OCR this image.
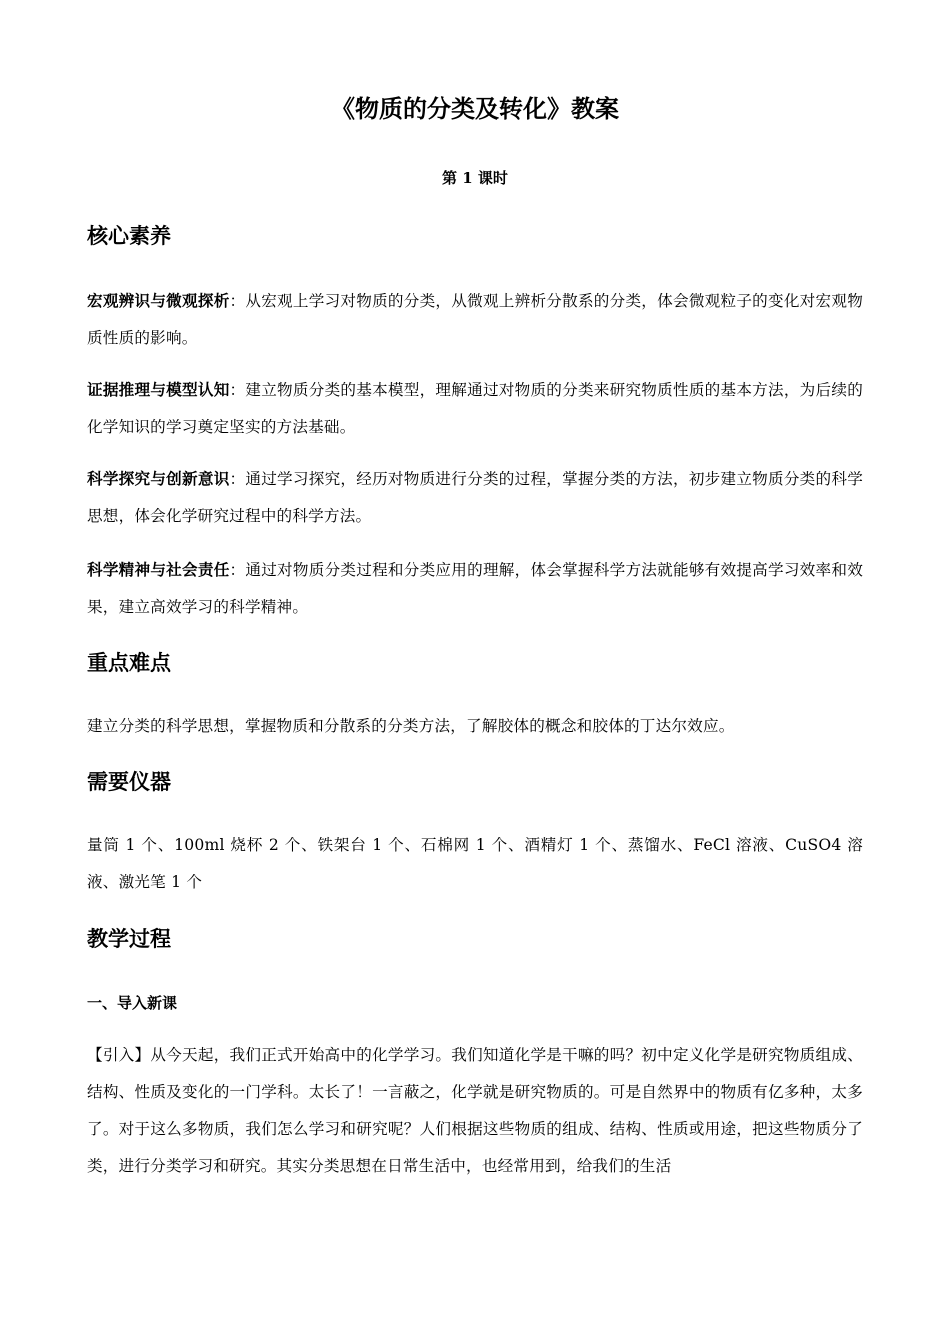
《物质的分类及转化》教案
第 1 课时
核心素养
宏观辨识与微观探析：从宏观上学习对物质的分类，从微观上辨析分散系的分类，体会微观粒子的变化对宏观物质性质的影响。
证据推理与模型认知：建立物质分类的基本模型，理解通过对物质的分类来研究物质性质的基本方法，为后续的化学知识的学习奠定坚实的方法基础。
科学探究与创新意识：通过学习探究，经历对物质进行分类的过程，掌握分类的方法，初步建立物质分类的科学思想，体会化学研究过程中的科学方法。
科学精神与社会责任：通过对物质分类过程和分类应用的理解，体会掌握科学方法就能够有效提高学习效率和效果，建立高效学习的科学精神。
重点难点
建立分类的科学思想，掌握物质和分散系的分类方法，了解胶体的概念和胶体的丁达尔效应。
需要仪器
量筒 1 个、100ml 烧杯 2 个、铁架台 1 个、石棉网 1 个、酒精灯 1 个、蒸馏水、FeCl 溶液、CuSO4 溶液、激光笔 1 个
教学过程
一、导入新课
【引入】从今天起，我们正式开始高中的化学学习。我们知道化学是干嘛的吗？初中定义化学是研究物质组成、结构、性质及变化的一门学科。太长了！一言蔽之，化学就是研究物质的。可是自然界中的物质有亿多种，太多了。对于这么多物质，我们怎么学习和研究呢？人们根据这些物质的组成、结构、性质或用途，把这些物质分了类，进行分类学习和研究。其实分类思想在日常生活中，也经常用到，给我们的生活
